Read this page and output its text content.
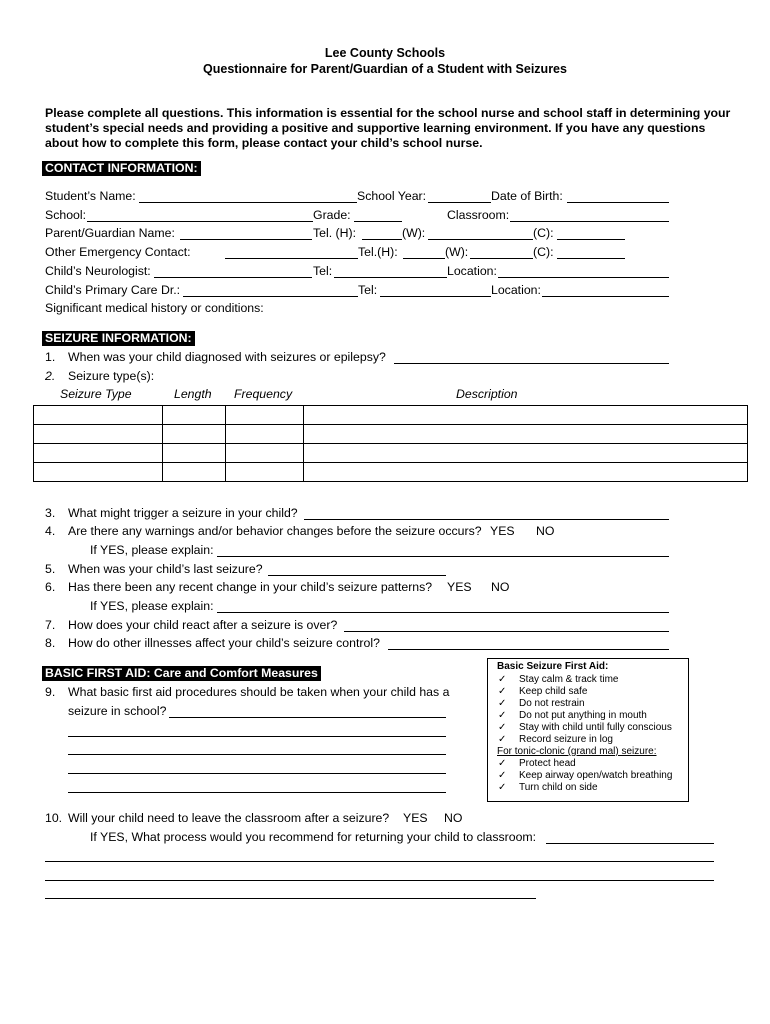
Lee County Schools
Questionnaire for Parent/Guardian of a Student with Seizures
Please complete all questions. This information is essential for the school nurse and school staff in determining your student’s special needs and providing a positive and supportive learning environment. If you have any questions about how to complete this form, please contact your child’s school nurse.
CONTACT INFORMATION:
Student’s Name:	School Year:	Date of Birth:
School:	Grade:	Classroom:
Parent/Guardian Name:	Tel. (H):	(W):	(C):
Other Emergency Contact:	Tel.(H):	(W):	(C):
Child’s Neurologist:	Tel:	Location:
Child’s Primary Care Dr.:	Tel:	Location:
Significant medical history or conditions:
SEIZURE INFORMATION:
1. When was your child diagnosed with seizures or epilepsy?
2. Seizure type(s):
Seizure Type	Length Frequency	Description

3. What might trigger a seizure in your child?
4. Are there any warnings and/or behavior changes before the seizure occurs? YES NO
If YES, please explain:
5. When was your child’s last seizure?
6. Has there been any recent change in your child’s seizure patterns? YES NO
If YES, please explain:
7. How does your child react after a seizure is over?
8. How do other illnesses affect your child’s seizure control?
BASIC FIRST AID: Care and Comfort Measures
9. What basic first aid procedures should be taken when your child has a
seizure in school?
Basic Seizure First Aid:
✓ Stay calm & track time
✓ Keep child safe
✓ Do not restrain
✓ Do not put anything in mouth
✓ Stay with child until fully conscious
✓ Record seizure in log
For tonic-clonic (grand mal) seizure:
✓ Protect head
✓ Keep airway open/watch breathing
✓ Turn child on side
10. Will your child need to leave the classroom after a seizure? YES NO
If YES, What process would you recommend for returning your child to classroom:
